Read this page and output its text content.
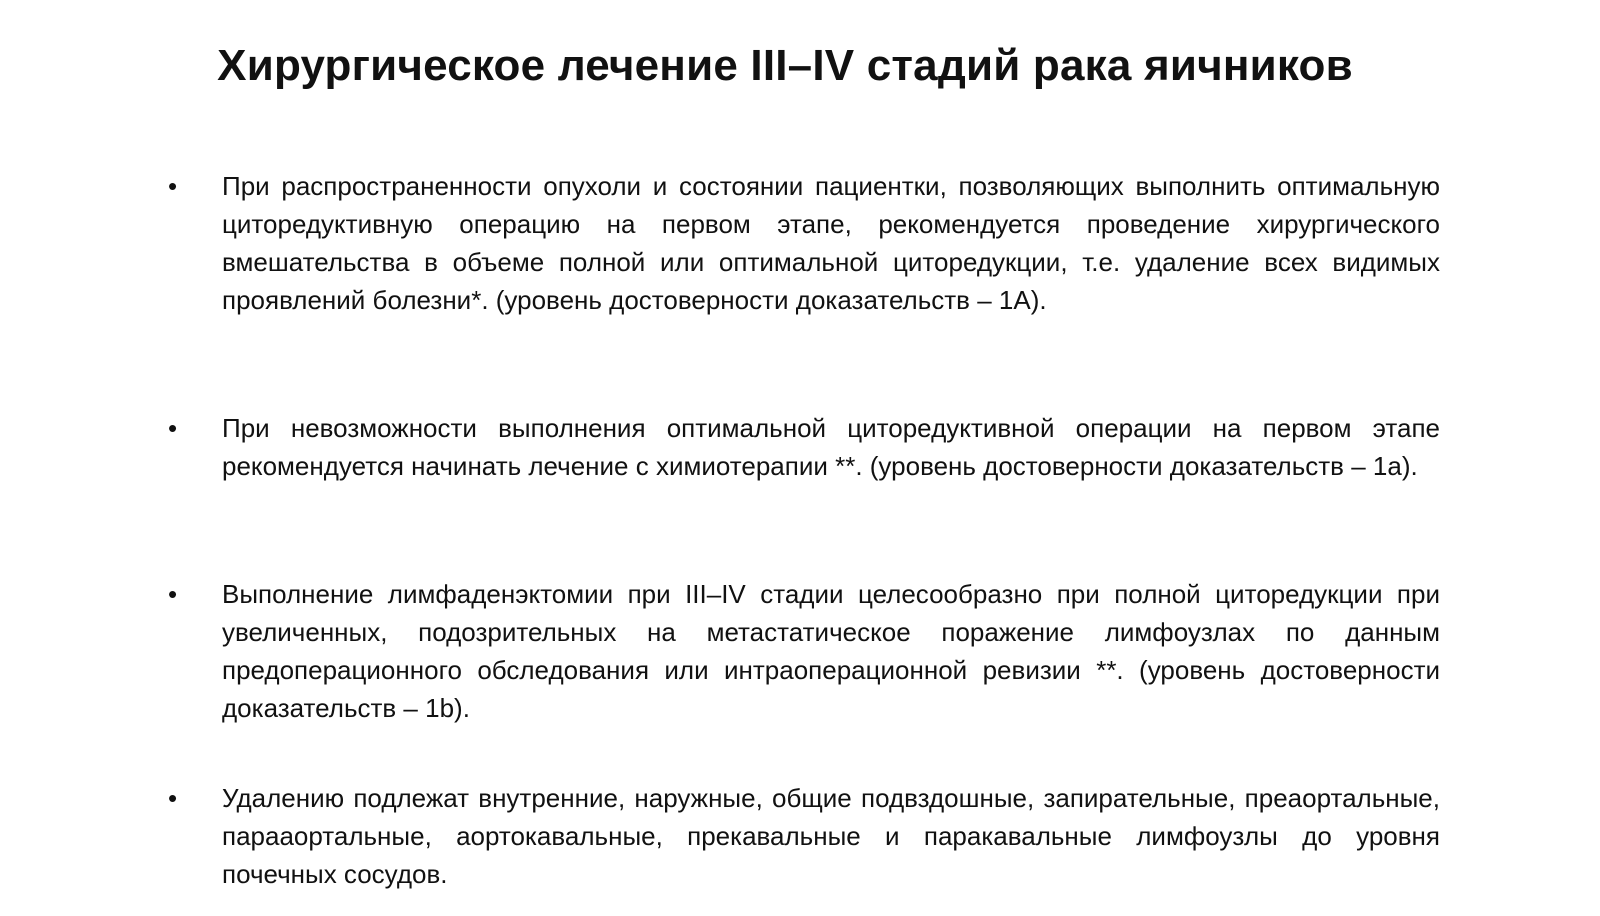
Хирургическое лечение III–IV стадий рака яичников
• При распространенности опухоли и состоянии пациентки, позволяющих выполнить оптимальную циторедуктивную операцию на первом этапе, рекомендуется проведение хирургического вмешательства в объеме полной или оптимальной циторедукции, т.е. удаление всех видимых проявлений болезни*. (уровень достоверности доказательств – 1А).
• При невозможности выполнения оптимальной циторедуктивной операции на первом этапе рекомендуется начинать лечение с химиотерапии **. (уровень достоверности доказательств – 1а).
• Выполнение лимфаденэктомии при III–IV стадии целесообразно при полной циторедукции при увеличенных, подозрительных на метастатическое поражение лимфоузлах по данным предоперационного обследования или интраоперационной ревизии **. (уровень достоверности доказательств – 1b).
• Удалению подлежат внутренние, наружные, общие подвздошные, запирательные, преаортальные, парааортальные, аортокавальные, прекавальные и паракавальные лимфоузлы до уровня почечных сосудов.
